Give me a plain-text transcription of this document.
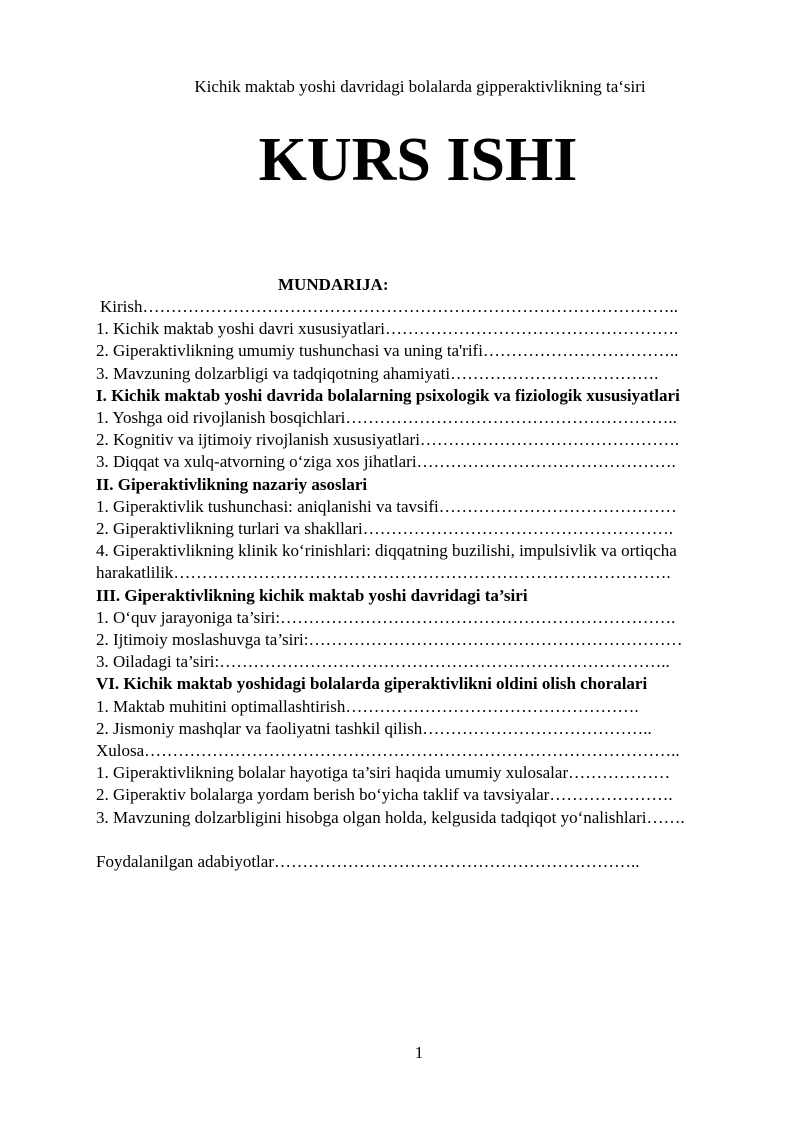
Kichik maktab yoshi davridagi bolalarda gipperaktivlikning ta‘siri
KURS ISHI
MUNDARIJA:
Kirish…………………………………………………………………………………..
1. Kichik maktab yoshi davri xususiyatlari…………………………………………….
2. Giperaktivlikning umumiy tushunchasi va uning ta'rifi……………………………..
3. Mavzuning dolzarbligi va tadqiqotning ahamiyati……………………………….
I. Kichik maktab yoshi davrida bolalarning psixologik va fiziologik xususiyatlari
1. Yoshga oid rivojlanish bosqichlari…………………………………………………..
2. Kognitiv va ijtimoiy rivojlanish xususiyatlari……………………………………….
3. Diqqat va xulq-atvorning o‘ziga xos jihatlari……………………………………….
II. Giperaktivlikning nazariy asoslari
1. Giperaktivlik tushunchasi: aniqlanishi va tavsifi……………………………………
2. Giperaktivlikning turlari va shakllari……………………………………………….
4. Giperaktivlikning klinik ko‘rinishlari: diqqatning buzilishi, impulsivlik va ortiqcha
harakatlilik…………………………………………………………………………….
III. Giperaktivlikning kichik maktab yoshi davridagi ta’siri
1. O‘quv jarayoniga ta’siri:…………………………………………………………….
2. Ijtimoiy moslashuvga ta’siri:…………………………………………………………
3. Oiladagi ta’siri:……………………………………………………………………..
VI. Kichik maktab yoshidagi bolalarda giperaktivlikni oldini olish choralari
1. Maktab muhitini optimallashtirish…………………………………………….
2. Jismoniy mashqlar va faoliyatni tashkil qilish…………………………………..
Xulosa…………………………………………………………………………………..
1. Giperaktivlikning bolalar hayotiga ta’siri haqida umumiy xulosalar………………
2. Giperaktiv bolalarga yordam berish bo‘yicha taklif va tavsiyalar………………….
3. Mavzuning dolzarbligini hisobga olgan holda, kelgusida tadqiqot yo‘nalishlari…….
Foydalanilgan adabiyotlar………………………………………………………..
1
